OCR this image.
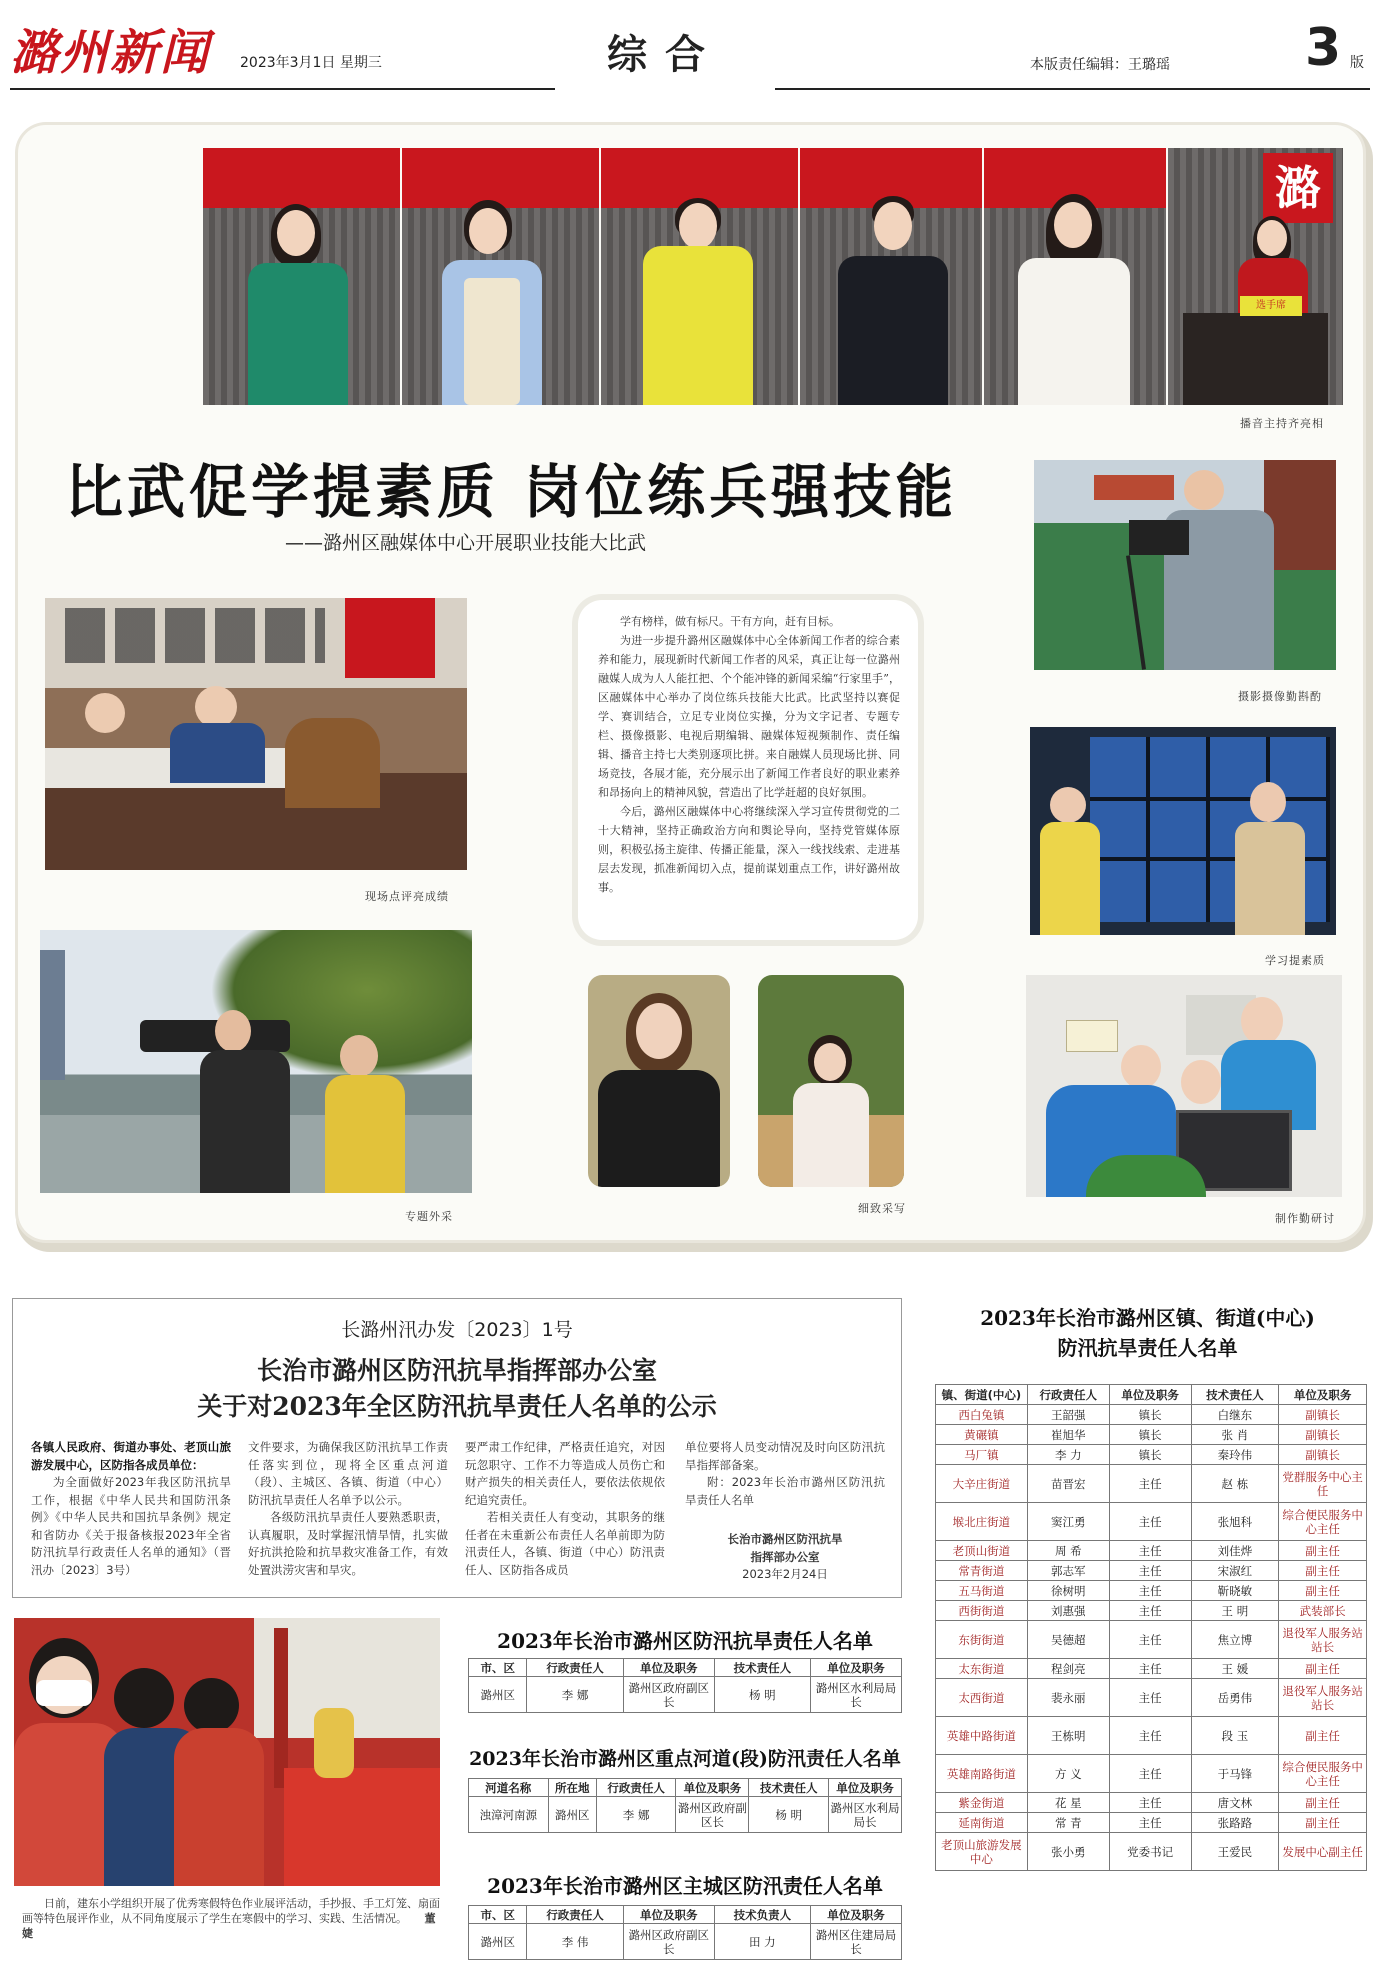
潞州新闻 2023年3月1日 星期三	综合	本版责任编辑：王璐瑶	3 版
潞
选手席
播音主持齐亮相
比武促学提素质 岗位练兵强技能
——潞州区融媒体中心开展职业技能大比武
摄影摄像勤斟酌
现场点评亮成绩

学有榜样，做有标尺。干有方向，赶有目标。

为进一步提升潞州区融媒体中心全体新闻工作者的综合素养和能力，展现新时代新闻工作者的风采，真正让每一位潞州融媒人成为人人能扛把、个个能冲锋的新闻采编“行家里手”，区融媒体中心举办了岗位练兵技能大比武。比武坚持以赛促学、赛训结合，立足专业岗位实操，分为文字记者、专题专栏、摄像摄影、电视后期编辑、融媒体短视频制作、责任编辑、播音主持七大类别逐项比拼。来自融媒人员现场比拼、同场竞技，各展才能，充分展示出了新闻工作者良好的职业素养和昂扬向上的精神风貌，营造出了比学赶超的良好氛围。

今后，潞州区融媒体中心将继续深入学习宣传贯彻党的二十大精神，坚持正确政治方向和舆论导向，坚持党管媒体原则，积极弘扬主旋律、传播正能量，深入一线找线索、走进基层去发现，抓准新闻切入点，提前谋划重点工作，讲好潞州故事。

学习提素质
专题外采
细致采写
制作勤研讨
长潞州汛办发〔2023〕1号
长治市潞州区防汛抗旱指挥部办公室
关于对2023年全区防汛抗旱责任人名单的公示
各镇人民政府、街道办事处、老顶山旅游发展中心，区防指各成员单位：
为全面做好2023年我区防汛抗旱工作，根据《中华人民共和国防汛条例》《中华人民共和国抗旱条例》规定和省防办《关于报备核报2023年全省防汛抗旱行政责任人名单的通知》（晋汛办〔2023〕3号）
文件要求，为确保我区防汛抗旱工作责任落实到位，现将全区重点河道（段）、主城区、各镇、街道（中心）防汛抗旱责任人名单予以公示。
各级防汛抗旱责任人要熟悉职责，认真履职，及时掌握汛情旱情，扎实做好抗洪抢险和抗旱救灾准备工作，有效处置洪涝灾害和旱灾。
要严肃工作纪律，严格责任追究，对因玩忽职守、工作不力等造成人员伤亡和财产损失的相关责任人，要依法依规依纪追究责任。
若相关责任人有变动，其职务的继任者在未重新公布责任人名单前即为防汛责任人，各镇、街道（中心）防汛责任人、区防指各成员
单位要将人员变动情况及时向区防汛抗旱指挥部备案。
附：2023年长治市潞州区防汛抗旱责任人名单
长治市潞州区防汛抗旱
指挥部办公室
2023年2月24日
日前，建东小学组织开展了优秀寒假特色作业展评活动，手抄报、手工灯笼、扇面画等特色展评作业，从不同角度展示了学生在寒假中的学习、实践、生活情况。 董婕
2023年长治市潞州区防汛抗旱责任人名单
市、区	行政责任人	单位及职务	技术责任人	单位及职务
潞州区	李 娜	潞州区政府副区长	杨 明	潞州区水利局局长
2023年长治市潞州区重点河道(段)防汛责任人名单
河道名称	所在地	行政责任人	单位及职务	技术责任人	单位及职务
浊漳河南源	潞州区	李 娜	潞州区政府副区长	杨 明	潞州区水利局局长
2023年长治市潞州区主城区防汛责任人名单
市、区	行政责任人	单位及职务	技术负责人	单位及职务
潞州区	李 伟	潞州区政府副区长	田 力	潞州区住建局局长
2023年长治市潞州区镇、街道(中心)
防汛抗旱责任人名单
镇、街道(中心)	行政责任人	单位及职务	技术责任人	单位及职务
西白兔镇	王韶强	镇长	白继东	副镇长
黄碾镇	崔旭华	镇长	张 肖	副镇长
马厂镇	李 力	镇长	秦玲伟	副镇长
大辛庄街道	苗晋宏	主任	赵 栋	党群服务中心主任
堠北庄街道	窦江勇	主任	张旭科	综合便民服务中心主任
老顶山街道	周 希	主任	刘佳烨	副主任
常青街道	郭志军	主任	宋淑红	副主任
五马街道	徐树明	主任	靳晓敏	副主任
西街街道	刘惠强	主任	王 明	武装部长
东街街道	吴德超	主任	焦立博	退役军人服务站站长
太东街道	程剑亮	主任	王 媛	副主任
太西街道	裴永丽	主任	岳勇伟	退役军人服务站站长
英雄中路街道	王栋明	主任	段 玉	副主任
英雄南路街道	方 义	主任	于马锋	综合便民服务中心主任
紫金街道	花 星	主任	唐文林	副主任
延南街道	常 青	主任	张路路	副主任
老顶山旅游发展中心	张小勇	党委书记	王爱民	发展中心副主任
